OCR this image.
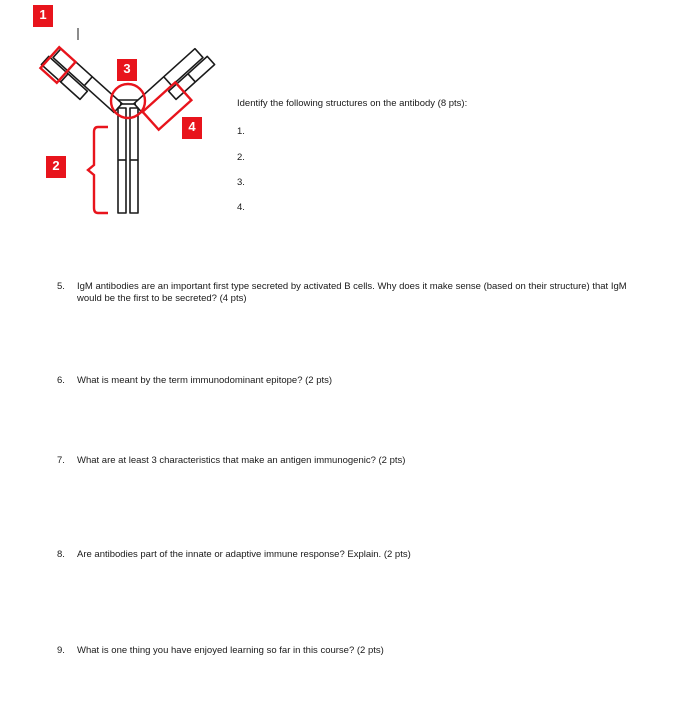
1
2
3
4
Identify the following structures on the antibody (8 pts):
1.
2.
3.
4.
5. IgM antibodies are an important first type secreted by activated B cells. Why does it make sense (based on their structure) that IgM would be the first to be secreted? (4 pts)
6. What is meant by the term immunodominant epitope? (2 pts)
7. What are at least 3 characteristics that make an antigen immunogenic? (2 pts)
8. Are antibodies part of the innate or adaptive immune response? Explain. (2 pts)
9. What is one thing you have enjoyed learning so far in this course? (2 pts)
